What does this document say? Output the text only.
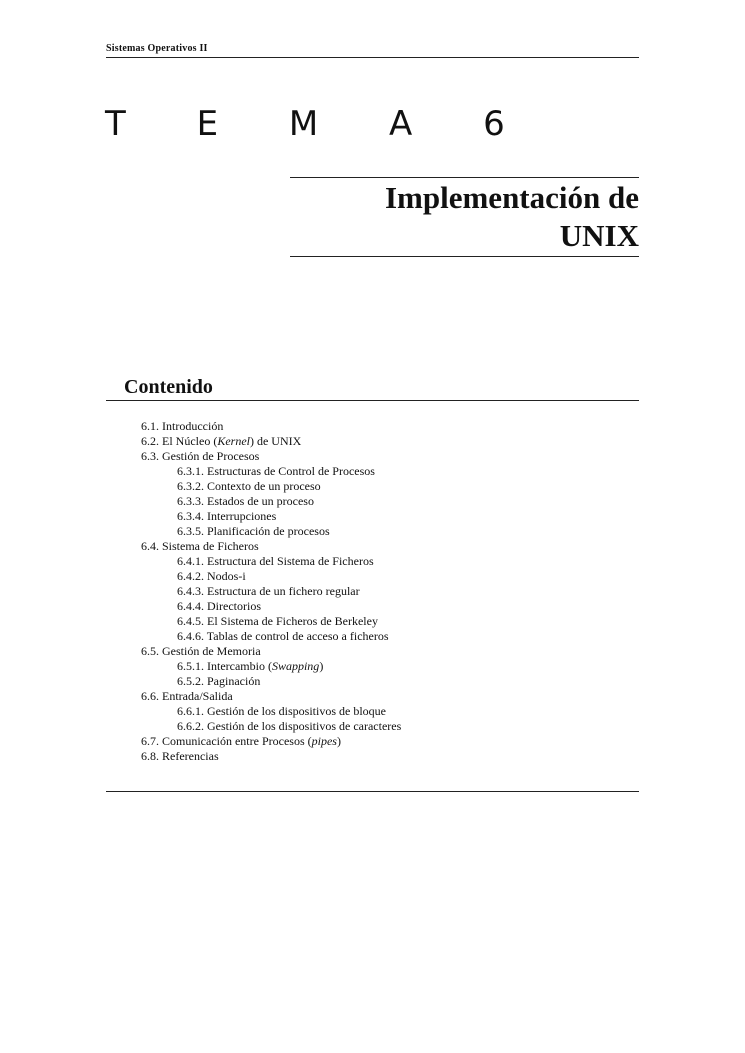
Sistemas Operativos II
T E M A 6
Implementación de
UNIX
Contenido
6.1. Introducción
6.2. El Núcleo (Kernel) de UNIX
6.3. Gestión de Procesos
6.3.1. Estructuras de Control de Procesos
6.3.2. Contexto de un proceso
6.3.3. Estados de un proceso
6.3.4. Interrupciones
6.3.5. Planificación de procesos
6.4. Sistema de Ficheros
6.4.1. Estructura del Sistema de Ficheros
6.4.2. Nodos-i
6.4.3. Estructura de un fichero regular
6.4.4. Directorios
6.4.5. El Sistema de Ficheros de Berkeley
6.4.6. Tablas de control de acceso a ficheros
6.5. Gestión de Memoria
6.5.1. Intercambio (Swapping)
6.5.2. Paginación
6.6. Entrada/Salida
6.6.1. Gestión de los dispositivos de bloque
6.6.2. Gestión de los dispositivos de caracteres
6.7. Comunicación entre Procesos (pipes)
6.8. Referencias
